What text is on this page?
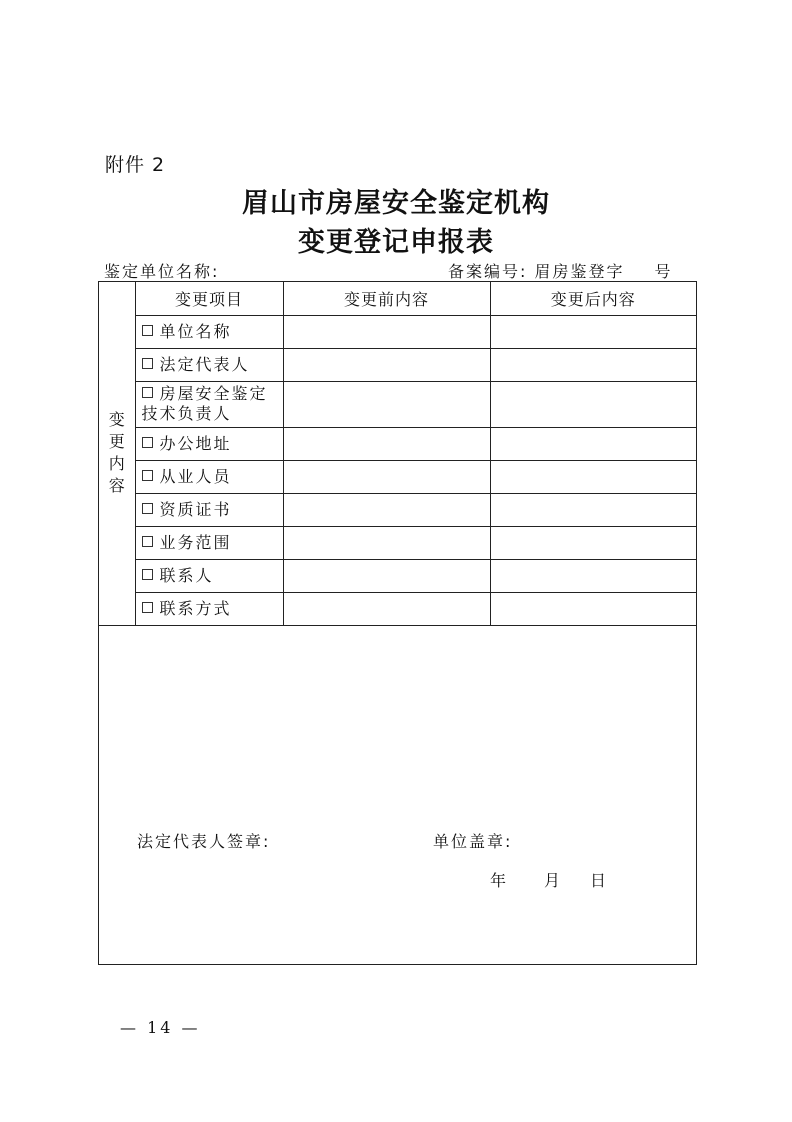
附件 2
眉山市房屋安全鉴定机构
变更登记申报表
鉴定单位名称:	备案编号: 眉房鉴登字 号
变
更
内
容	变更项目	变更前内容	变更后内容
	单位名称		
	法定代表人		
	房屋安全鉴定技术负责人		
	办公地址		
	从业人员		
	资质证书		
	业务范围		
	联系人		
	联系方式		
法定代表人签章:	单位盖章:
年 月 日
— 14 —
